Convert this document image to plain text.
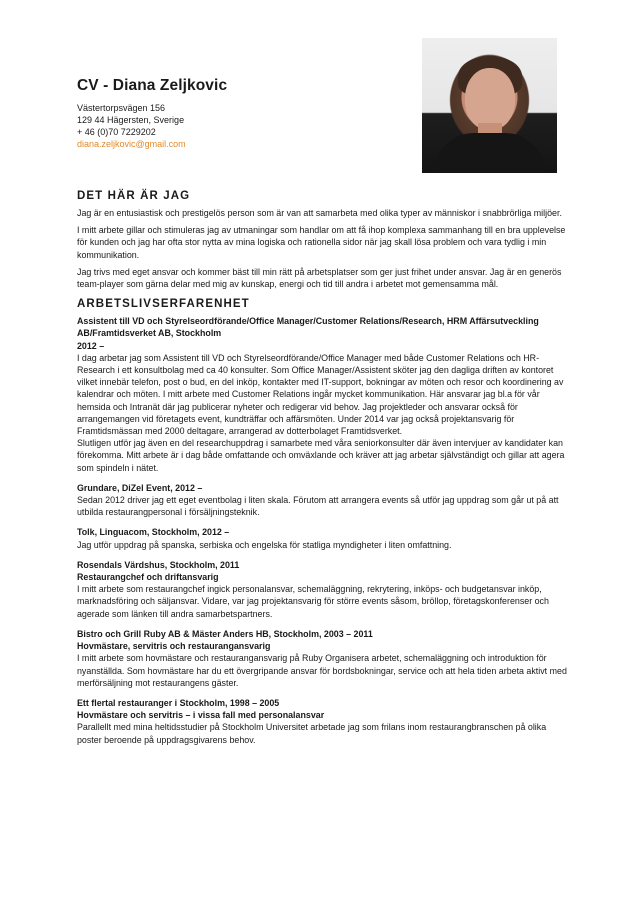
CV - Diana Zeljkovic

Västertorpsvägen 156

129 44 Hägersten, Sverige

+ 46 (0)70 7229202

diana.zeljkovic@gmail.com

DET HÄR ÄR JAG

Jag är en entusiastisk och prestigelös person som är van att samarbeta med olika typer av människor i snabbrörliga miljöer.

I mitt arbete gillar och stimuleras jag av utmaningar som handlar om att få ihop komplexa sammanhang till en bra upplevelse för kunden och jag har ofta stor nytta av mina logiska och rationella sidor när jag skall lösa problem och vara tydlig i min kommunikation.

Jag trivs med eget ansvar och kommer bäst till min rätt på arbetsplatser som ger just frihet under ansvar. Jag är en generös team-player som gärna delar med mig av kunskap, energi och tid till andra i arbetet mot gemensamma mål.

ARBETSLIVSERFARENHET

Assistent till VD och Styrelseordförande/Office Manager/Customer Relations/Research, HRM Affärsutveckling AB/Framtidsverket AB, Stockholm

2012 –

I dag arbetar jag som Assistent till VD och Styrelseordförande/Office Manager med både Customer Relations och HR-Research i ett konsultbolag med ca 40 konsulter. Som Office Manager/Assistent sköter jag den dagliga driften av kontoret vilket innebär telefon, post o bud, en del inköp, kontakter med IT-support, bokningar av möten och resor och koordinering av kalendrar och möten. I mitt arbete med Customer Relations ingår mycket kommunikation. Här ansvarar jag bl.a för vår hemsida och Intranät där jag publicerar nyheter och redigerar vid behov. Jag projektleder och ansvarar också för arrangemangen vid företagets event, kundträffar och affärsmöten. Under 2014 var jag också projektansvarig för Framtidsmässan med 2000 deltagare, arrangerad av dotterbolaget Framtidsverket.
Slutligen utför jag även en del researchuppdrag i samarbete med våra seniorkonsulter där även intervjuer av kandidater kan förekomma. Mitt arbete är i dag både omfattande och omväxlande och kräver att jag arbetar självständigt och gillar att agera som spindeln i nätet.

Grundare, DiZel Event, 2012 –

Sedan 2012 driver jag ett eget eventbolag i liten skala. Förutom att arrangera events så utför jag uppdrag som går ut på att utbilda restaurangpersonal i försäljningsteknik.

Tolk, Linguacom, Stockholm, 2012 –

Jag utför uppdrag på spanska, serbiska och engelska för statliga myndigheter i liten omfattning.

Rosendals Värdshus, Stockholm, 2011

Restaurangchef och driftansvarig

I mitt arbete som restaurangchef ingick personalansvar, schemaläggning, rekrytering, inköps- och budgetansvar inköp, marknadsföring och säljansvar. Vidare, var jag projektansvarig för större events såsom, bröllop, företagskonferenser och agerade som länken till andra samarbetspartners.

Bistro och Grill Ruby AB & Mäster Anders HB, Stockholm, 2003 – 2011

Hovmästare, servitris och restaurangansvarig

I mitt arbete som hovmästare och restaurangansvarig på Ruby Organisera arbetet, schemaläggning och introduktion för nyanställda. Som hovmästare har du ett övergripande ansvar för bordsbokningar, service och att hela tiden arbeta aktivt med merförsäljning mot restaurangens gäster.

Ett flertal restauranger i Stockholm, 1998 – 2005

Hovmästare och servitris – i vissa fall med personalansvar

Parallellt med mina heltidsstudier på Stockholm Universitet arbetade jag som frilans inom restaurangbranschen på olika poster beroende på uppdragsgivarens behov.
